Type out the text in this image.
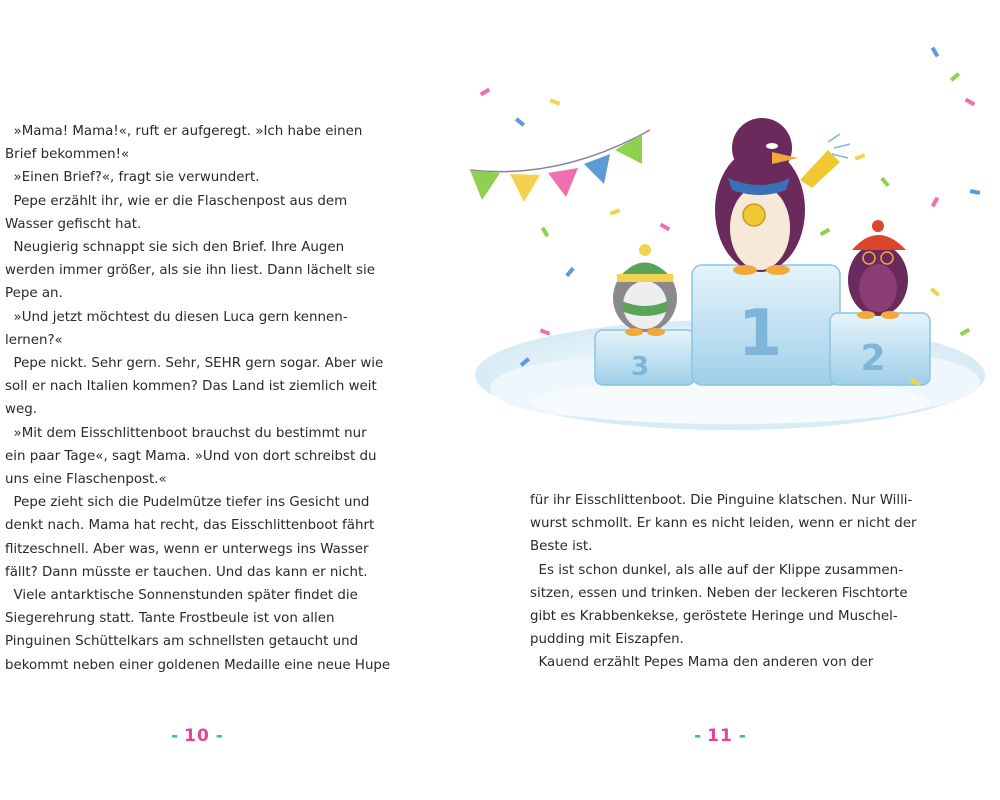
»Mama! Mama!«, ruft er aufgeregt. »Ich habe einen

Brief bekommen!«

»Einen Brief?«, fragt sie verwundert.

Pepe erzählt ihr, wie er die Flaschenpost aus dem

Wasser gefischt hat.

Neugierig schnappt sie sich den Brief. Ihre Augen

werden immer größer, als sie ihn liest. Dann lächelt sie

Pepe an.

»Und jetzt möchtest du diesen Luca gern kennen-

lernen?«

Pepe nickt. Sehr gern. Sehr, SEHR gern sogar. Aber wie

soll er nach Italien kommen? Das Land ist ziemlich weit

weg.

»Mit dem Eisschlittenboot brauchst du bestimmt nur

ein paar Tage«, sagt Mama. »Und von dort schreibst du

uns eine Flaschenpost.«

Pepe zieht sich die Pudelmütze tiefer ins Gesicht und

denkt nach. Mama hat recht, das Eisschlittenboot fährt

flitzeschnell. Aber was, wenn er unterwegs ins Wasser

fällt? Dann müsste er tauchen. Und das kann er nicht.

Viele antarktische Sonnenstunden später findet die

Siegerehrung statt. Tante Frostbeule ist von allen

Pinguinen Schüttelkars am schnellsten getaucht und

bekommt neben einer goldenen Medaille eine neue Hupe

- 10 -
3 1 2

für ihr Eisschlittenboot. Die Pinguine klatschen. Nur Willi-

wurst schmollt. Er kann es nicht leiden, wenn er nicht der

Beste ist.

Es ist schon dunkel, als alle auf der Klippe zusammen-

sitzen, essen und trinken. Neben der leckeren Fischtorte

gibt es Krabbenkekse, geröstete Heringe und Muschel-

pudding mit Eiszapfen.

Kauend erzählt Pepes Mama den anderen von der

- 11 -
